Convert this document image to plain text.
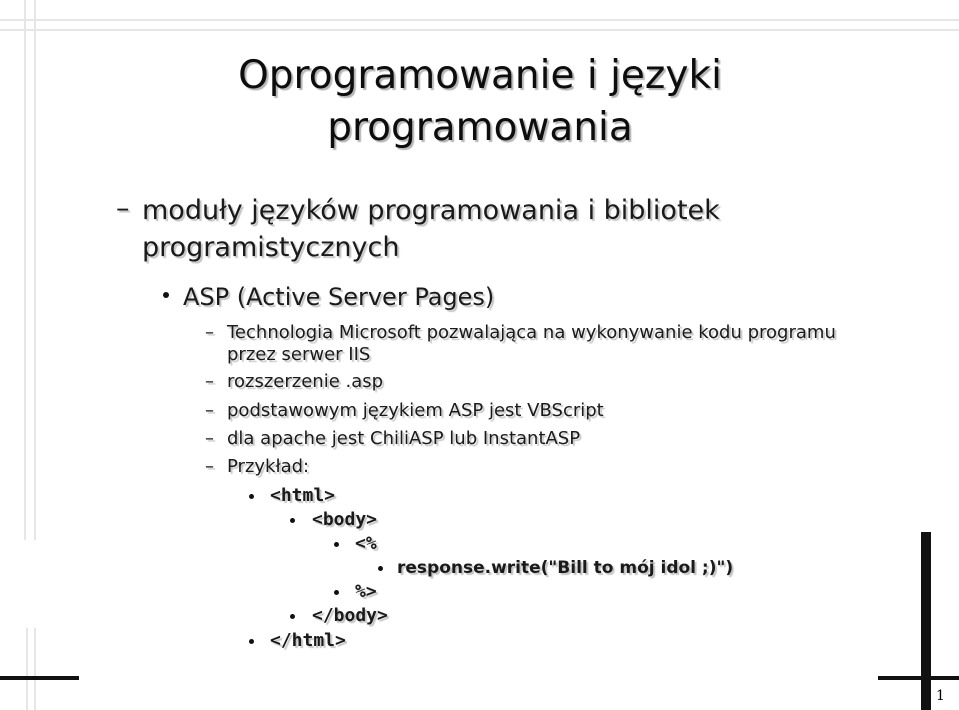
1
Oprogramowanie i języki
programowania
– moduły języków programowania i bibliotek
programistycznych
ASP (Active Server Pages)
– Technologia Microsoft pozwalająca na wykonywanie kodu programu
przez serwer IIS
– rozszerzenie .asp
– podstawowym językiem ASP jest VBScript
– dla apache jest ChiliASP lub InstantASP
– Przykład:
<html>
<body>
<%
response.write("Bill to mój idol ;)")
%>
</body>
</html>
